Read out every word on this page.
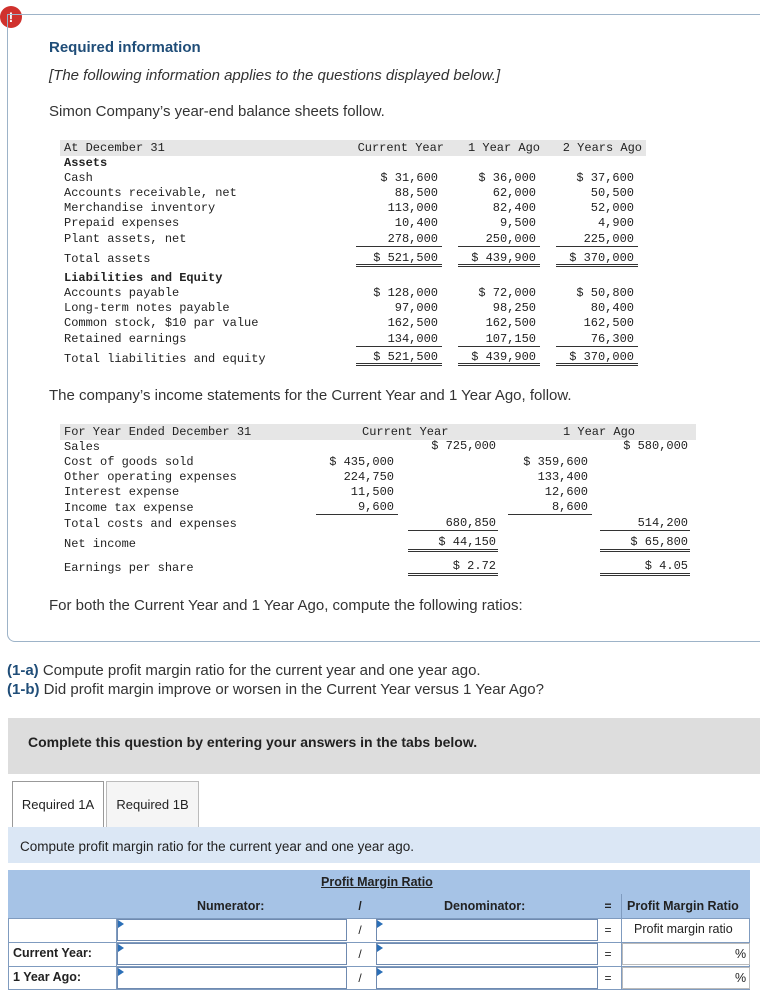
!
Required information
[The following information applies to the questions displayed below.]
Simon Company’s year-end balance sheets follow.
At December 31	Current Year	1 Year Ago	2 Years Ago
Assets
Cash	$ 31,600	$ 36,000	$ 37,600
Accounts receivable, net	88,500	62,000	50,500
Merchandise inventory	113,000	82,400	52,000
Prepaid expenses	10,400	9,500	4,900
Plant assets, net	278,000	250,000	225,000
Total assets	$ 521,500	$ 439,900	$ 370,000
Liabilities and Equity
Accounts payable	$ 128,000	$ 72,000	$ 50,800
Long-term notes payable	97,000	98,250	80,400
Common stock, $10 par value	162,500	162,500	162,500
Retained earnings	134,000	107,150	76,300
Total liabilities and equity	$ 521,500	$ 439,900	$ 370,000
The company’s income statements for the Current Year and 1 Year Ago, follow.
For Year Ended December 31	Current Year	1 Year Ago
Sales	$ 725,000	$ 580,000
Cost of goods sold	$ 435,000	$ 359,600
Other operating expenses	224,750	133,400
Interest expense	11,500	12,600
Income tax expense	9,600	8,600
Total costs and expenses	680,850	514,200
Net income	$ 44,150	$ 65,800
Earnings per share	$ 2.72	$ 4.05
For both the Current Year and 1 Year Ago, compute the following ratios:
(1-a) Compute profit margin ratio for the current year and one year ago.
(1-b) Did profit margin improve or worsen in the Current Year versus 1 Year Ago?
Complete this question by entering your answers in the tabs below.
Required 1A	Required 1B
Compute profit margin ratio for the current year and one year ago.
Profit Margin Ratio
Numerator:	/	Denominator:	=	Profit Margin Ratio
/	=	Profit margin ratio
Current Year:	/	=	%
1 Year Ago:	/	=	%
